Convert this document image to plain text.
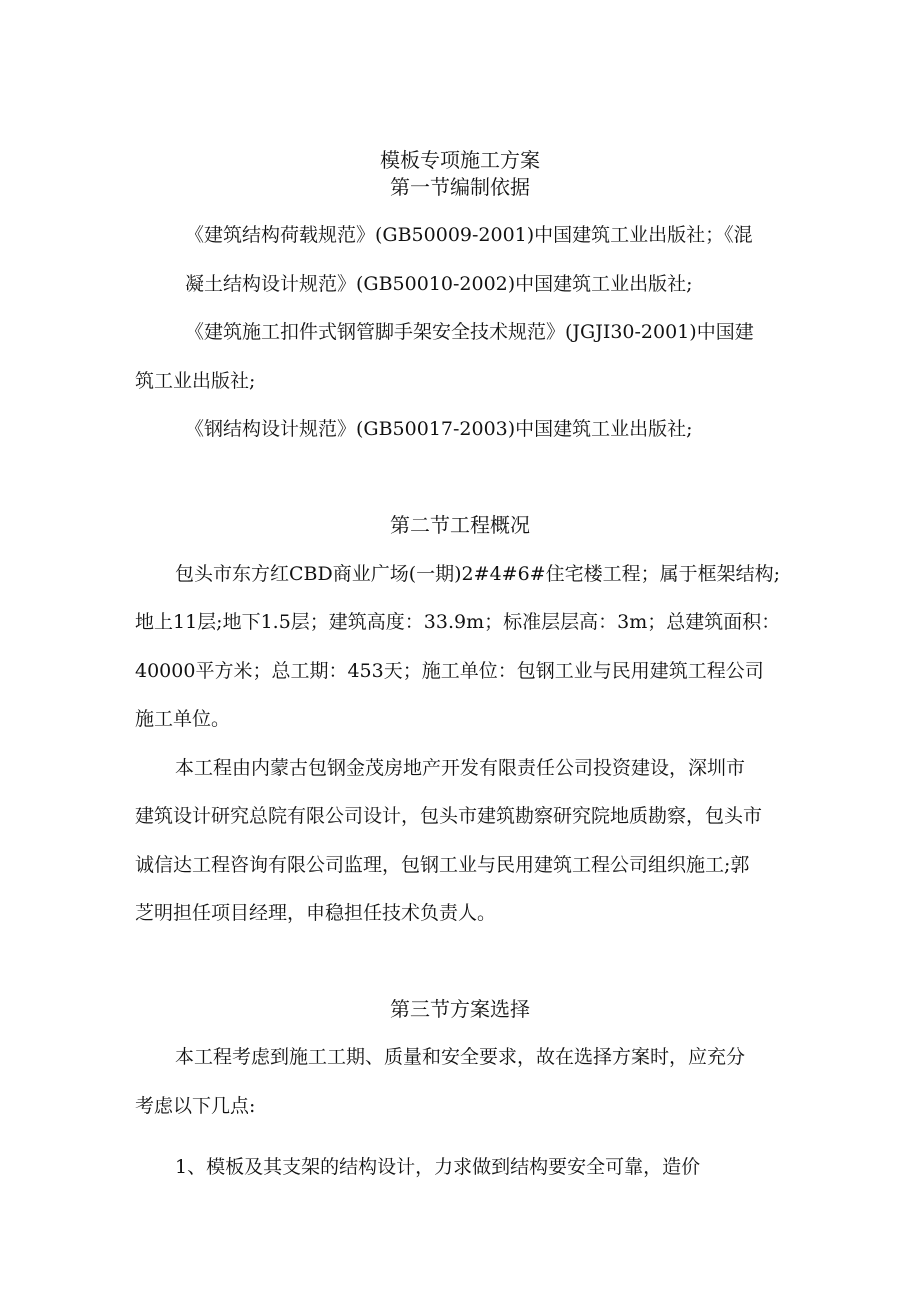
模板专项施工方案
第一节编制依据
《建筑结构荷载规范》(GB50009-2001)中国建筑工业出版社；《混
凝土结构设计规范》(GB50010-2002)中国建筑工业出版社;
《建筑施工扣件式钢管脚手架安全技术规范》(JGJI30-2001)中国建
筑工业出版社;
《钢结构设计规范》(GB50017-2003)中国建筑工业出版社;
第二节工程概况
包头市东方红CBD商业广场(一期)2#4#6#住宅楼工程；属于框架结构;
地上11层;地下1.5层；建筑高度：33.9m；标准层层高：3m；总建筑面积：
40000平方米；总工期：453天；施工单位：包钢工业与民用建筑工程公司
施工单位。
本工程由内蒙古包钢金茂房地产开发有限责任公司投资建设，深圳市
建筑设计研究总院有限公司设计，包头市建筑勘察研究院地质勘察，包头市
诚信达工程咨询有限公司监理，包钢工业与民用建筑工程公司组织施工;郭
芝明担任项目经理，申稳担任技术负责人。
第三节方案选择
本工程考虑到施工工期、质量和安全要求，故在选择方案时，应充分
考虑以下几点:
1、模板及其支架的结构设计，力求做到结构要安全可靠，造价
